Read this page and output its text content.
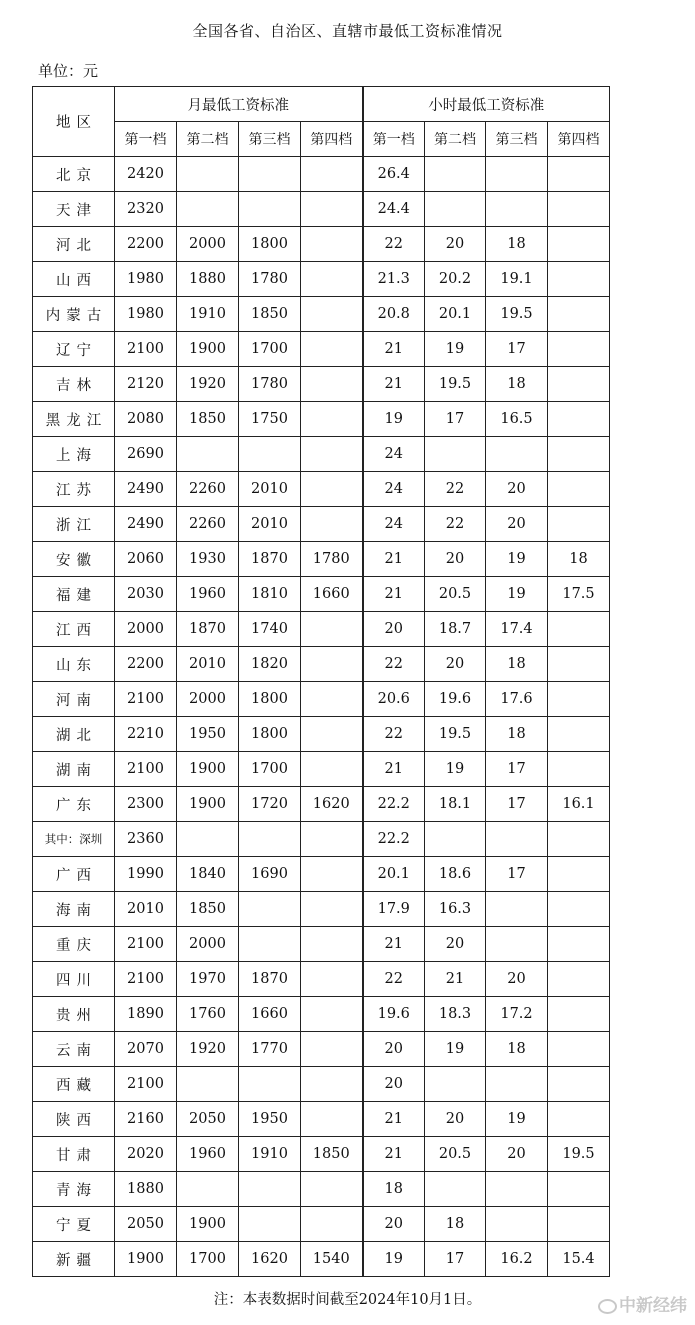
全国各省、自治区、直辖市最低工资标准情况
单位：元
地区	月最低工资标准				小时最低工资标准			
	第一档	第二档	第三档	第四档	第一档	第二档	第三档	第四档
北京	2420				26.4			
天津	2320				24.4			
河北	2200	2000	1800		22	20	18	
山西	1980	1880	1780		21.3	20.2	19.1	
内蒙古	1980	1910	1850		20.8	20.1	19.5	
辽宁	2100	1900	1700		21	19	17	
吉林	2120	1920	1780		21	19.5	18	
黑龙江	2080	1850	1750		19	17	16.5	
上海	2690				24			
江苏	2490	2260	2010		24	22	20	
浙江	2490	2260	2010		24	22	20	
安徽	2060	1930	1870	1780	21	20	19	18
福建	2030	1960	1810	1660	21	20.5	19	17.5
江西	2000	1870	1740		20	18.7	17.4	
山东	2200	2010	1820		22	20	18	
河南	2100	2000	1800		20.6	19.6	17.6	
湖北	2210	1950	1800		22	19.5	18	
湖南	2100	1900	1700		21	19	17	
广东	2300	1900	1720	1620	22.2	18.1	17	16.1
其中：深圳	2360				22.2			
广西	1990	1840	1690		20.1	18.6	17	
海南	2010	1850			17.9	16.3		
重庆	2100	2000			21	20		
四川	2100	1970	1870		22	21	20	
贵州	1890	1760	1660		19.6	18.3	17.2	
云南	2070	1920	1770		20	19	18	
西藏	2100				20			
陕西	2160	2050	1950		21	20	19	
甘肃	2020	1960	1910	1850	21	20.5	20	19.5
青海	1880				18			
宁夏	2050	1900			20	18		
新疆	1900	1700	1620	1540	19	17	16.2	15.4
注：本表数据时间截至2024年10月1日。	中新经纬
